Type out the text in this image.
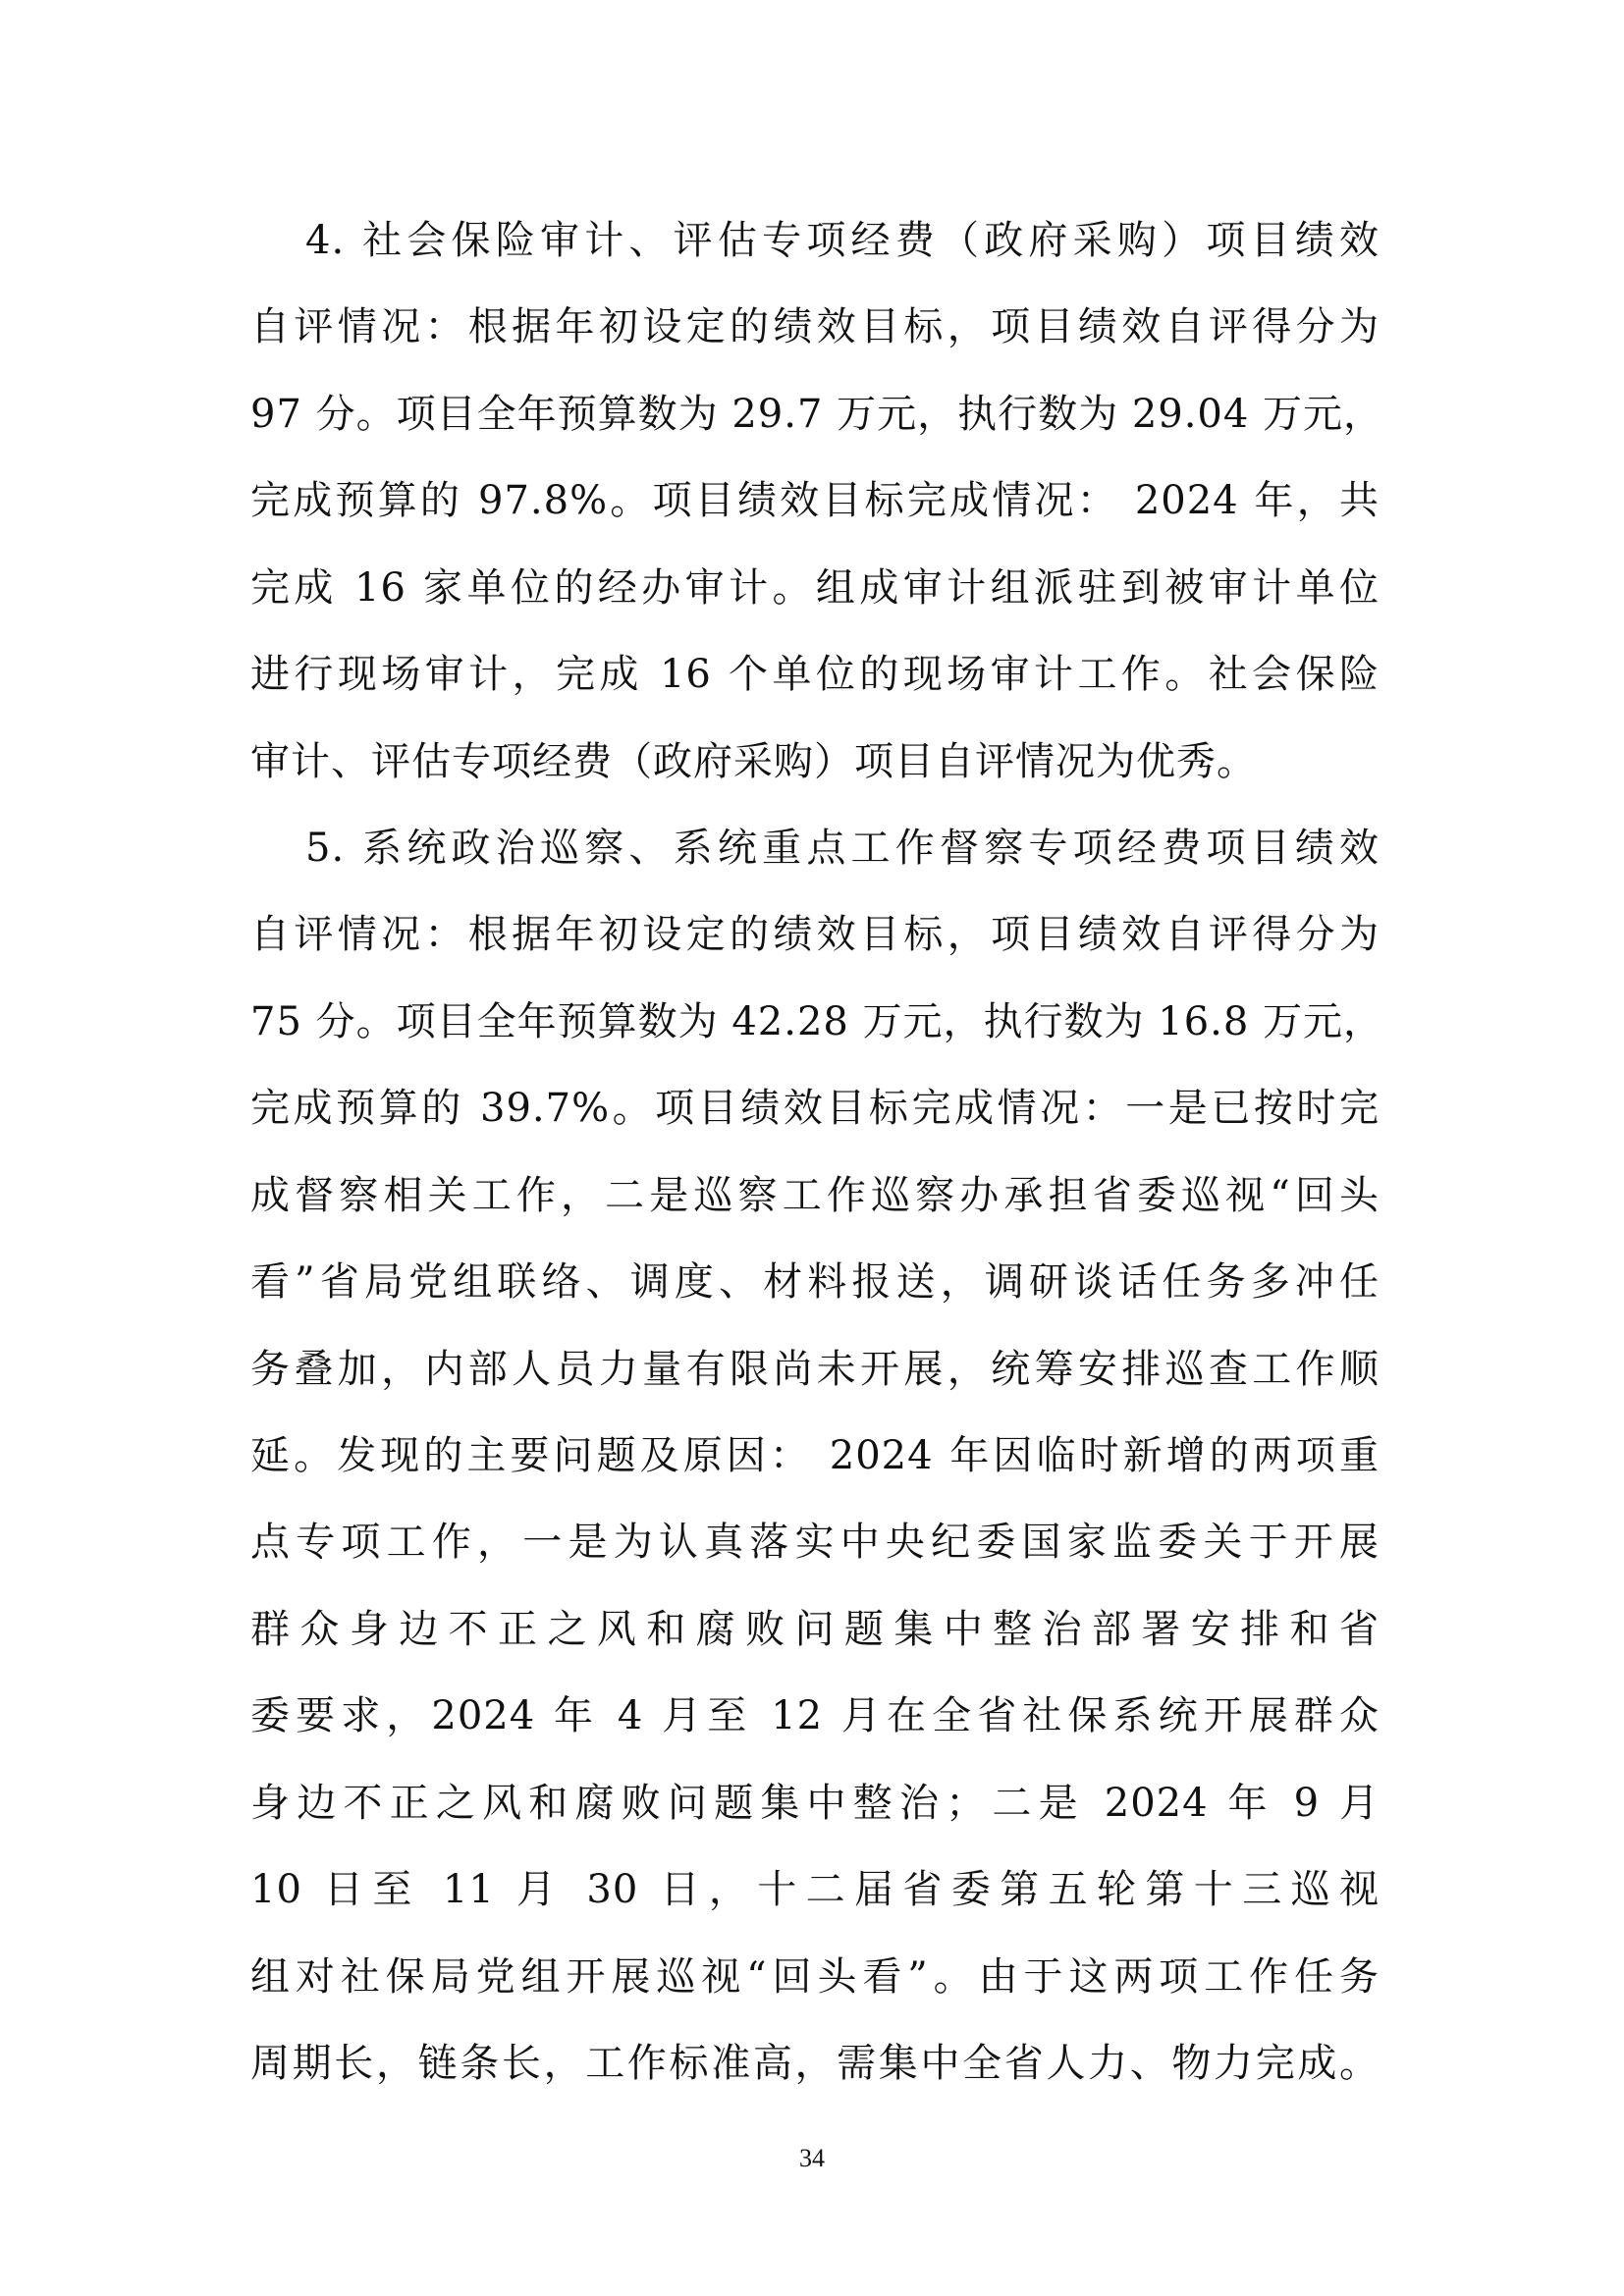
4. 社会保险审计、评估专项经费（政府采购）项目绩效
自评情况：根据年初设定的绩效目标，项目绩效自评得分为
97 分。项目全年预算数为 29.7 万元，执行数为 29.04 万元，
完成预算的 97.8%。项目绩效目标完成情况： 2024 年，共
完成 16 家单位的经办审计。组成审计组派驻到被审计单位
进行现场审计，完成 16 个单位的现场审计工作。社会保险
审计、评估专项经费（政府采购）项目自评情况为优秀。
5. 系统政治巡察、系统重点工作督察专项经费项目绩效
自评情况：根据年初设定的绩效目标，项目绩效自评得分为
75 分。项目全年预算数为 42.28 万元，执行数为 16.8 万元，
完成预算的 39.7%。项目绩效目标完成情况：一是已按时完
成督察相关工作，二是巡察工作巡察办承担省委巡视“回头
看”省局党组联络、调度、材料报送，调研谈话任务多冲任
务叠加，内部人员力量有限尚未开展，统筹安排巡查工作顺
延。发现的主要问题及原因： 2024 年因临时新增的两项重
点专项工作，一是为认真落实中央纪委国家监委关于开展
群众身边不正之风和腐败问题集中整治部署安排和省
委要求，2024 年 4 月至 12 月在全省社保系统开展群众
身边不正之风和腐败问题集中整治；二是 2024 年 9 月
10 日至 11 月 30 日，十二届省委第五轮第十三巡视
组对社保局党组开展巡视“回头看”。由于这两项工作任务
周期长，链条长，工作标准高，需集中全省人力、物力完成。
34
